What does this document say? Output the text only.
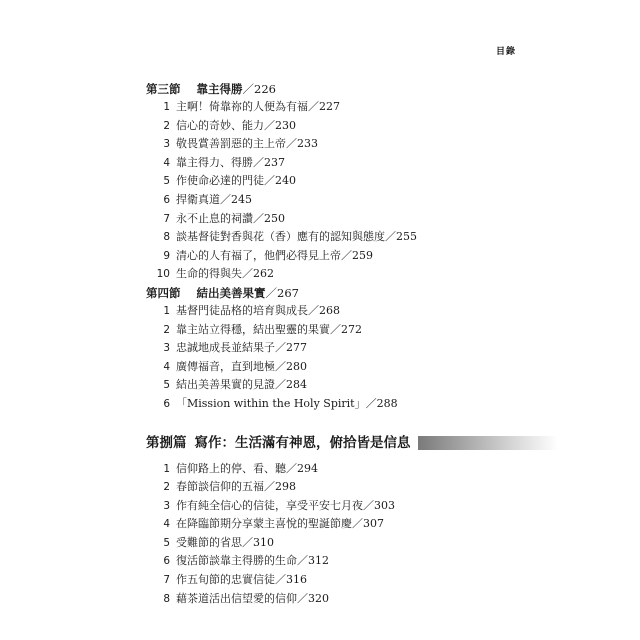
目錄
第三節 靠主得勝／226
1 主啊！倚靠祢的人便為有福／227
2 信心的奇妙、能力／230
3 敬畏賞善罰惡的主上帝／233
4 靠主得力、得勝／237
5 作使命必達的門徒／240
6 捍衛真道／245
7 永不止息的祠讚／250
8 談基督徒對香與花（香）應有的認知與態度／255
9 清心的人有福了，他們必得見上帝／259
10 生命的得與失／262
第四節 結出美善果實／267
1 基督門徒品格的培育與成長／268
2 靠主站立得穩，結出聖靈的果實／272
3 忠誠地成長並結果子／277
4 廣傳福音，直到地極／280
5 結出美善果實的見證／284
6 「Mission within the Holy Spirit」／288
第捌篇 寫作：生活滿有神恩，俯拾皆是信息
1 信仰路上的停、看、聽／294
2 春節談信仰的五福／298
3 作有純全信心的信徒，享受平安七月夜／303
4 在降臨節期分享蒙主喜悅的聖誕節慶／307
5 受難節的省思／310
6 復活節談靠主得勝的生命／312
7 作五旬節的忠實信徒／316
8 藉茶道活出信望愛的信仰／320
